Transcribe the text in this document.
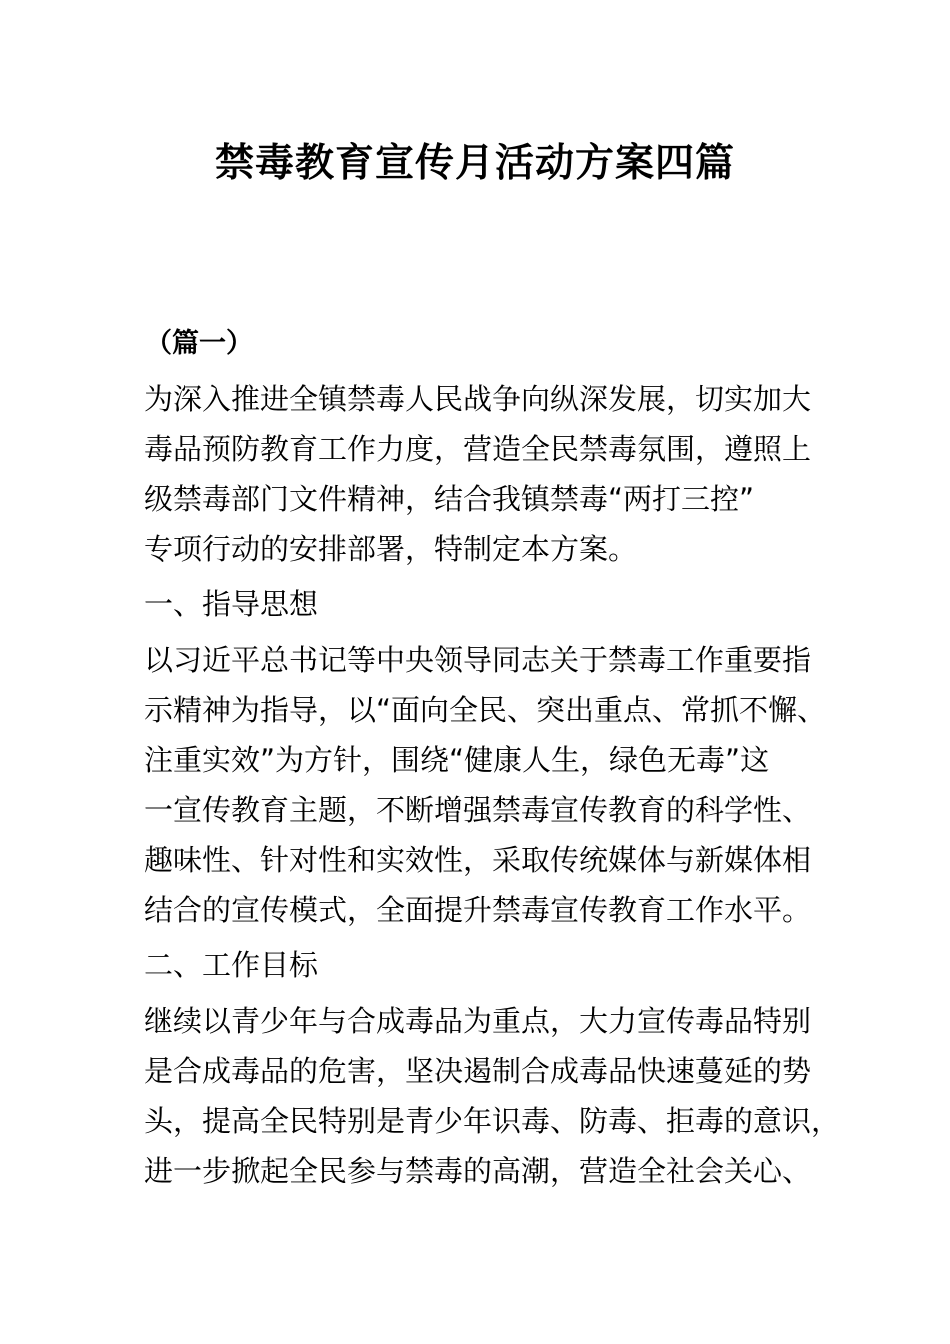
禁毒教育宣传月活动方案四篇
（篇一）
为深入推进全镇禁毒人民战争向纵深发展，切实加大
毒品预防教育工作力度，营造全民禁毒氛围，遵照上
级禁毒部门文件精神，结合我镇禁毒“两打三控”
专项行动的安排部署，特制定本方案。
一、指导思想
以习近平总书记等中央领导同志关于禁毒工作重要指
示精神为指导，以“面向全民、突出重点、常抓不懈、
注重实效”为方针，围绕“健康人生，绿色无毒”这
一宣传教育主题，不断增强禁毒宣传教育的科学性、
趣味性、针对性和实效性，采取传统媒体与新媒体相
结合的宣传模式，全面提升禁毒宣传教育工作水平。
二、工作目标
继续以青少年与合成毒品为重点，大力宣传毒品特别
是合成毒品的危害，坚决遏制合成毒品快速蔓延的势
头，提高全民特别是青少年识毒、防毒、拒毒的意识，
进一步掀起全民参与禁毒的高潮，营造全社会关心、
